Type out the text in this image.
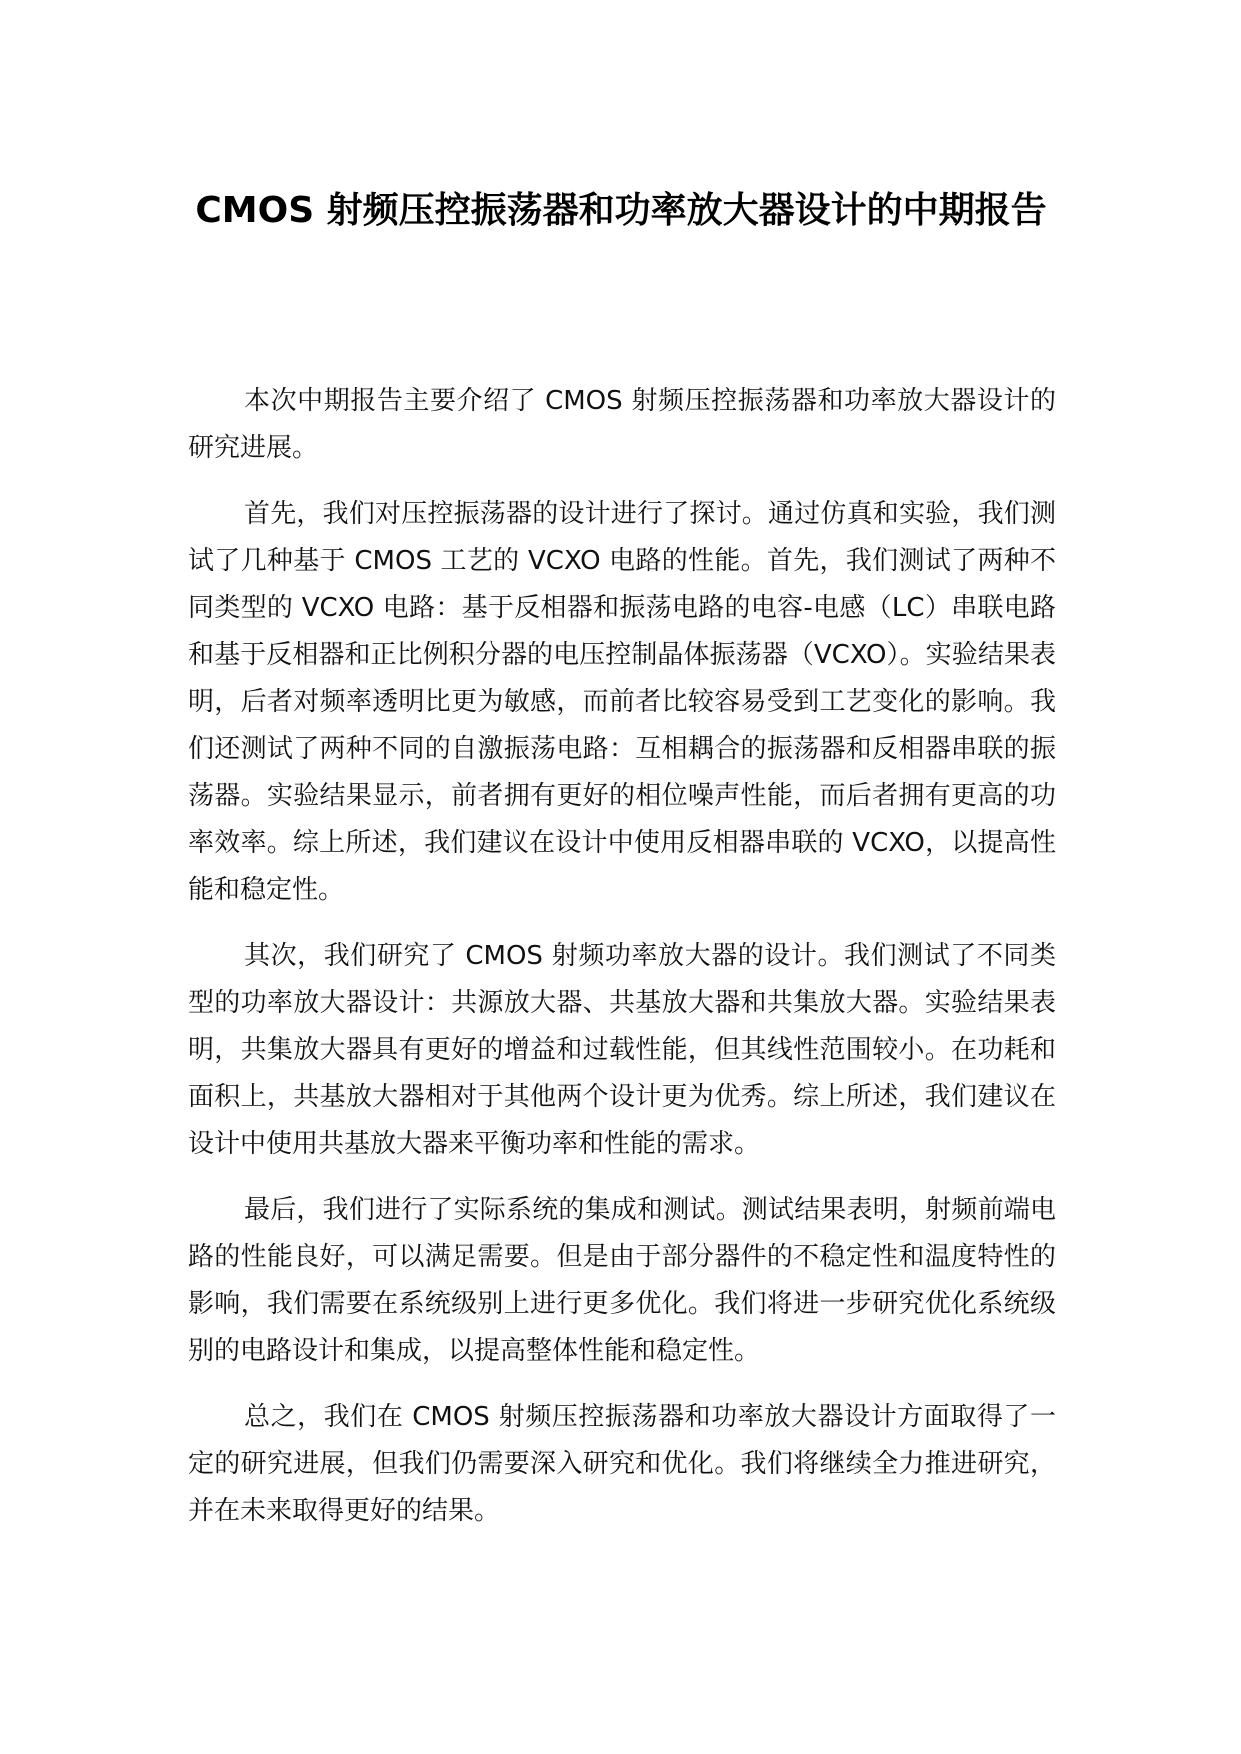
CMOS 射频压控振荡器和功率放大器设计的中期报告

本次中期报告主要介绍了 CMOS 射频压控振荡器和功率放大器设计的研究进展。

首先，我们对压控振荡器的设计进行了探讨。通过仿真和实验，我们测试了几种基于 CMOS 工艺的 VCXO 电路的性能。首先，我们测试了两种不同类型的 VCXO 电路：基于反相器和振荡电路的电容-电感（LC）串联电路和基于反相器和正比例积分器的电压控制晶体振荡器（VCXO）。实验结果表明，后者对频率透明比更为敏感，而前者比较容易受到工艺变化的影响。我们还测试了两种不同的自激振荡电路：互相耦合的振荡器和反相器串联的振荡器。实验结果显示，前者拥有更好的相位噪声性能，而后者拥有更高的功率效率。综上所述，我们建议在设计中使用反相器串联的 VCXO，以提高性能和稳定性。

其次，我们研究了 CMOS 射频功率放大器的设计。我们测试了不同类型的功率放大器设计：共源放大器、共基放大器和共集放大器。实验结果表明，共集放大器具有更好的增益和过载性能，但其线性范围较小。在功耗和面积上，共基放大器相对于其他两个设计更为优秀。综上所述，我们建议在设计中使用共基放大器来平衡功率和性能的需求。

最后，我们进行了实际系统的集成和测试。测试结果表明，射频前端电路的性能良好，可以满足需要。但是由于部分器件的不稳定性和温度特性的影响，我们需要在系统级别上进行更多优化。我们将进一步研究优化系统级别的电路设计和集成，以提高整体性能和稳定性。

总之，我们在 CMOS 射频压控振荡器和功率放大器设计方面取得了一定的研究进展，但我们仍需要深入研究和优化。我们将继续全力推进研究，并在未来取得更好的结果。
